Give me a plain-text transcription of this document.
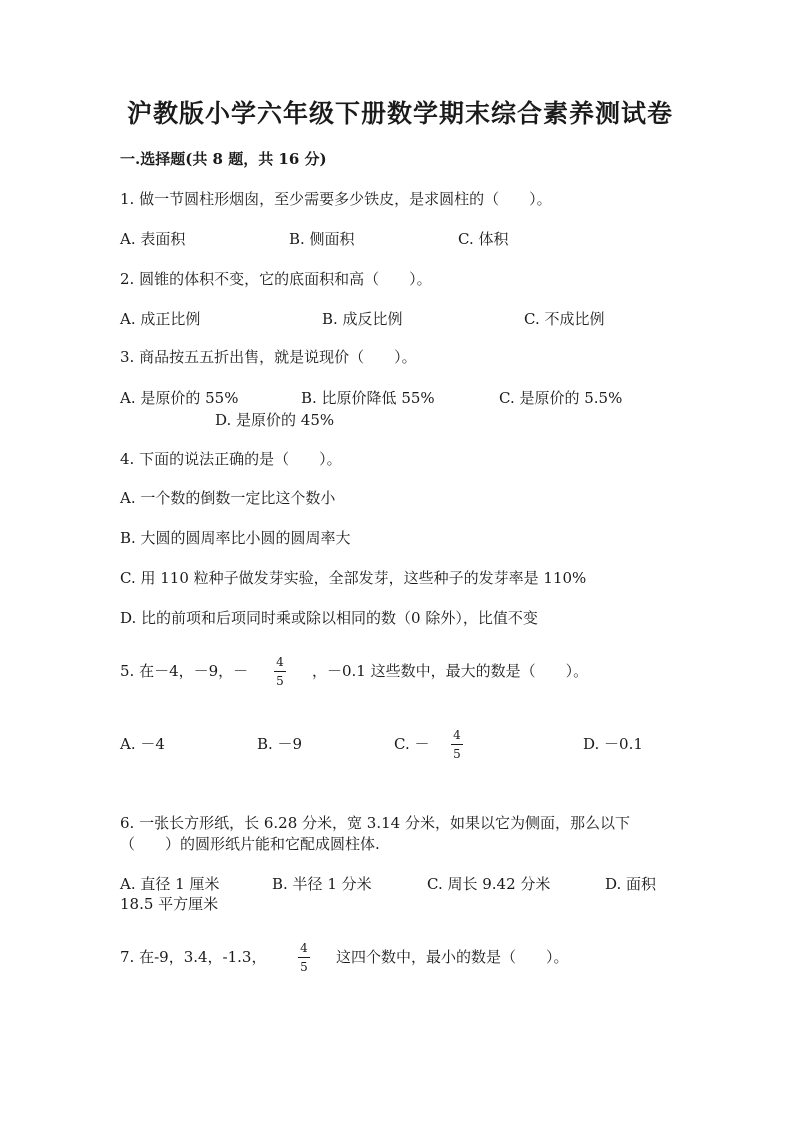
沪教版小学六年级下册数学期末综合素养测试卷
一.选择题(共 8 题，共 16 分)
1. 做一节圆柱形烟囱，至少需要多少铁皮，是求圆柱的（　　）。
A. 表面积	B. 侧面积	C. 体积
2. 圆锥的体积不变，它的底面积和高（　　）。
A. 成正比例	B. 成反比例	C. 不成比例
3. 商品按五五折出售，就是说现价（　　）。
A. 是原价的 55%	B. 比原价降低 55%	C. 是原价的 5.5%
D. 是原价的 45%
4. 下面的说法正确的是（　　）。
A. 一个数的倒数一定比这个数小
B. 大圆的圆周率比小圆的圆周率大
C. 用 110 粒种子做发芽实验，全部发芽，这些种子的发芽率是 110%
D. 比的前项和后项同时乘或除以相同的数（0 除外），比值不变
5. 在－4，－9，－ 4
5
，－0.1 这些数中，最大的数是（　　）。
A. －4	B. －9	C. － 4
5
D. －0.1
6. 一张长方形纸，长 6.28 分米，宽 3.14 分米，如果以它为侧面，那么以下
（　　）的圆形纸片能和它配成圆柱体.
A. 直径 1 厘米	B. 半径 1 分米	C. 周长 9.42 分米	D. 面积
18.5 平方厘米
7. 在-9，3.4，-1.3，	4
5
这四个数中，最小的数是（　　）。
